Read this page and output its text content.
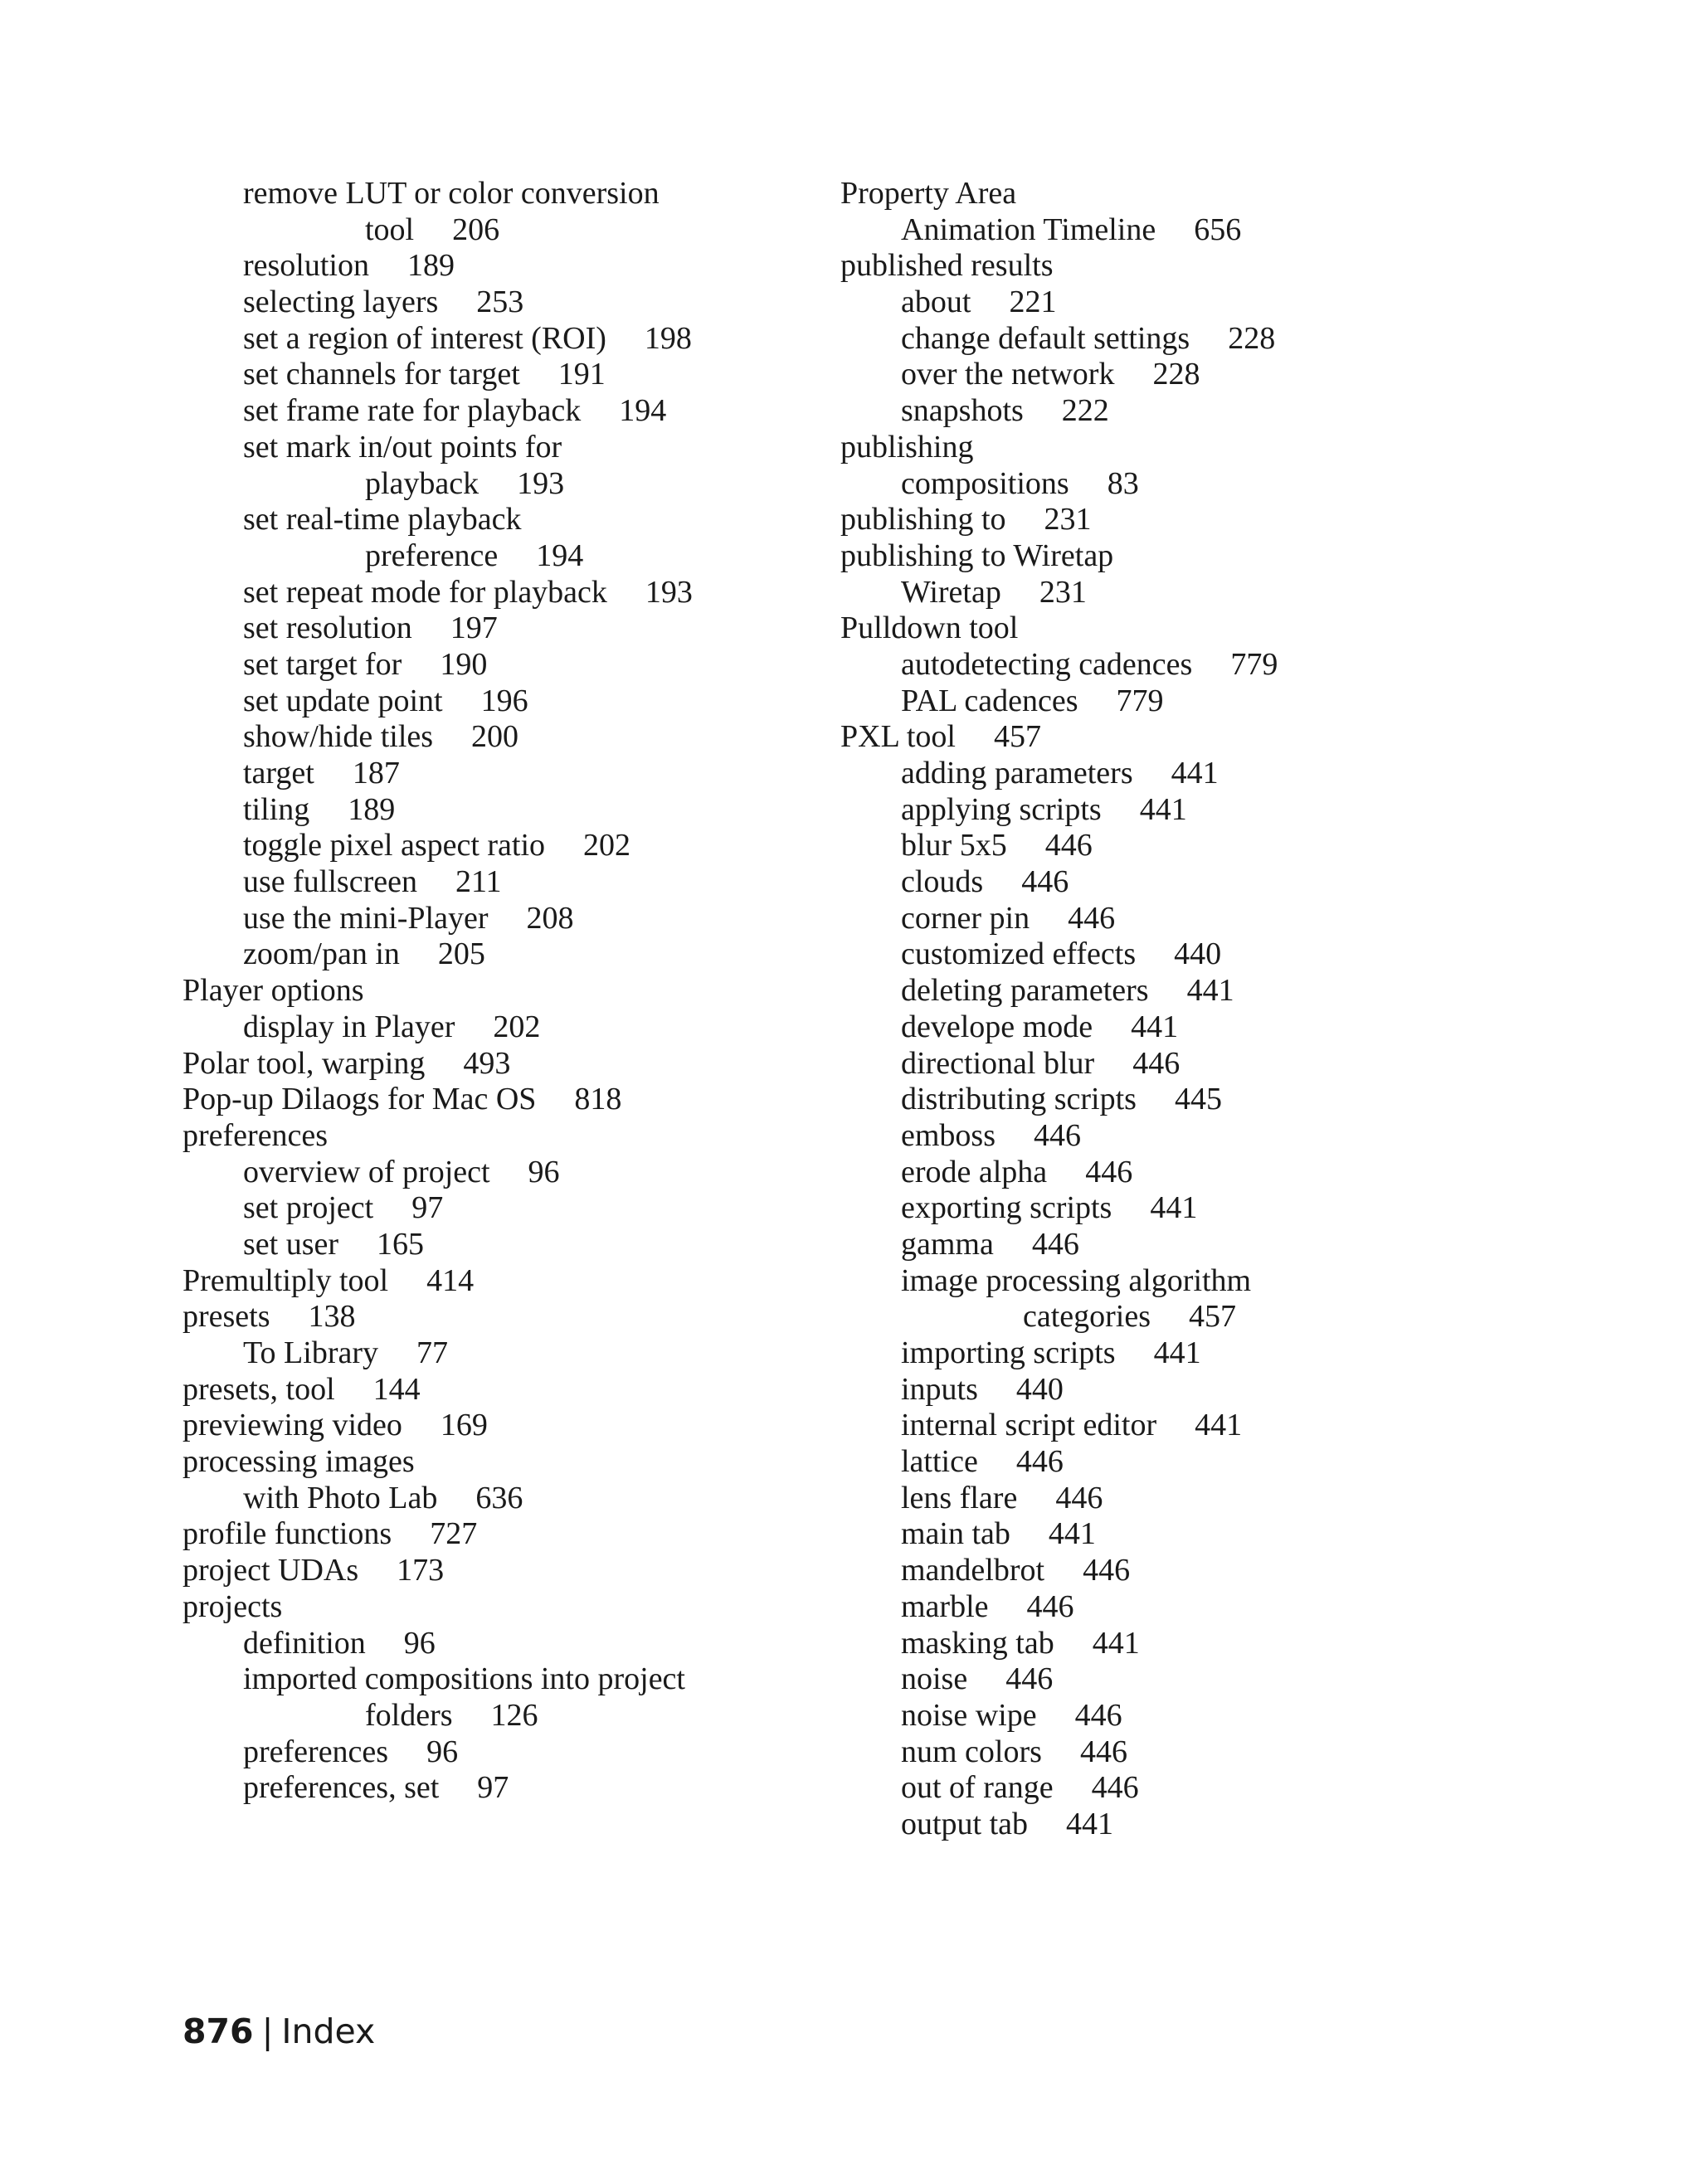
remove LUT or color conversion
tool 206
resolution 189
selecting layers 253
set a region of interest (ROI) 198
set channels for target 191
set frame rate for playback 194
set mark in/out points for
playback 193
set real-time playback
preference 194
set repeat mode for playback 193
set resolution 197
set target for 190
set update point 196
show/hide tiles 200
target 187
tiling 189
toggle pixel aspect ratio 202
use fullscreen 211
use the mini-Player 208
zoom/pan in 205
Player options
display in Player 202
Polar tool, warping 493
Pop-up Dilaogs for Mac OS 818
preferences
overview of project 96
set project 97
set user 165
Premultiply tool 414
presets 138
To Library 77
presets, tool 144
previewing video 169
processing images
with Photo Lab 636
profile functions 727
project UDAs 173
projects
definition 96
imported compositions into project
folders 126
preferences 96
preferences, set 97
Property Area
Animation Timeline 656
published results
about 221
change default settings 228
over the network 228
snapshots 222
publishing
compositions 83
publishing to 231
publishing to Wiretap
Wiretap 231
Pulldown tool
autodetecting cadences 779
PAL cadences 779
PXL tool 457
adding parameters 441
applying scripts 441
blur 5x5 446
clouds 446
corner pin 446
customized effects 440
deleting parameters 441
develope mode 441
directional blur 446
distributing scripts 445
emboss 446
erode alpha 446
exporting scripts 441
gamma 446
image processing algorithm
categories 457
importing scripts 441
inputs 440
internal script editor 441
lattice 446
lens flare 446
main tab 441
mandelbrot 446
marble 446
masking tab 441
noise 446
noise wipe 446
num colors 446
out of range 446
output tab 441
876 | Index
